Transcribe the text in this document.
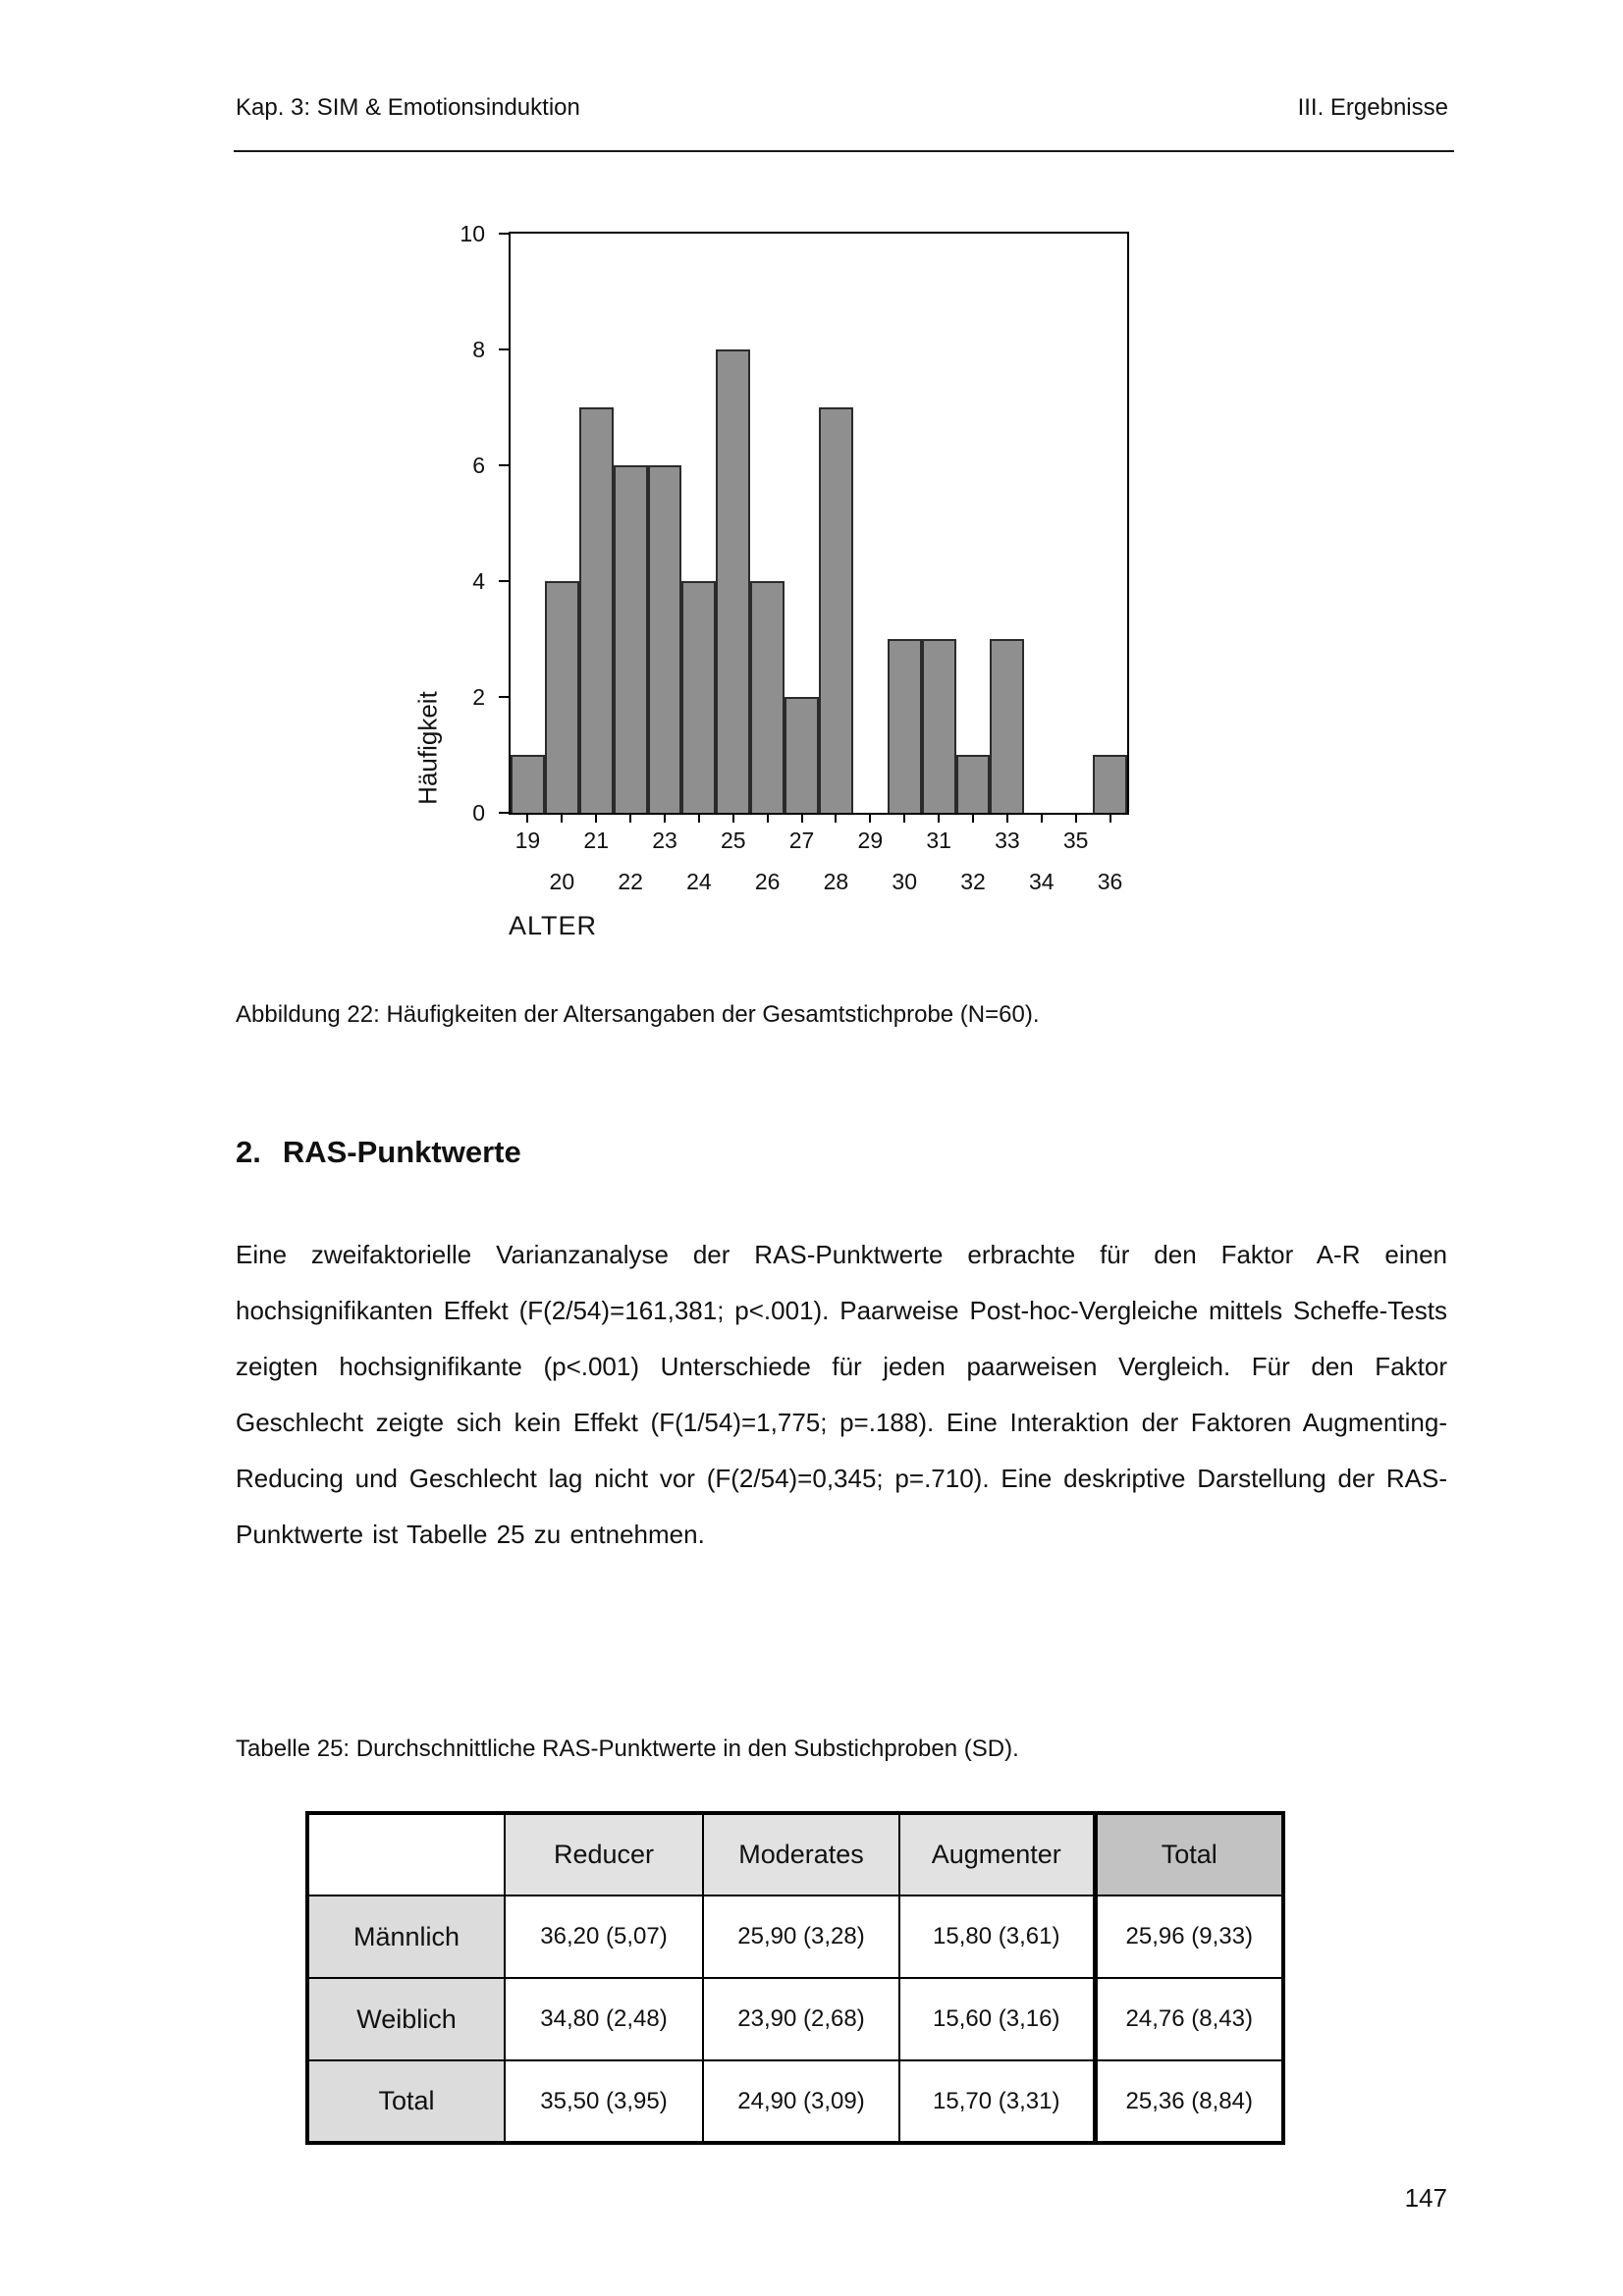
Kap. 3: SIM & Emotionsinduktion	III. Ergebnisse
Häufigkeit
0
2
4
6
8
10
19
20
21
22
23
24
25
26
27
28
29
30
31
32
33
34
35
36
ALTER
Abbildung 22: Häufigkeiten der Altersangaben der Gesamtstichprobe (N=60).
2. RAS-Punktwerte

Eine zweifaktorielle Varianzanalyse der RAS-Punktwerte erbrachte für den Faktor A-R einen hochsignifikanten Effekt (F(2/54)=161,381; p<.001). Paarweise Post-hoc-Vergleiche mittels Scheffe-Tests zeigten hochsignifikante (p<.001) Unterschiede für jeden paarweisen Vergleich. Für den Faktor Geschlecht zeigte sich kein Effekt (F(1/54)=1,775; p=.188). Eine Interaktion der Faktoren Augmenting-Reducing und Geschlecht lag nicht vor (F(2/54)=0,345; p=.710). Eine deskriptive Darstellung der RAS-Punktwerte ist Tabelle 25 zu entnehmen.

Tabelle 25: Durchschnittliche RAS-Punktwerte in den Substichproben (SD).
	Reducer	Moderates	Augmenter	Total
Männlich	36,20 (5,07)	25,90 (3,28)	15,80 (3,61)	25,96 (9,33)
Weiblich	34,80 (2,48)	23,90 (2,68)	15,60 (3,16)	24,76 (8,43)
Total	35,50 (3,95)	24,90 (3,09)	15,70 (3,31)	25,36 (8,84)
147
